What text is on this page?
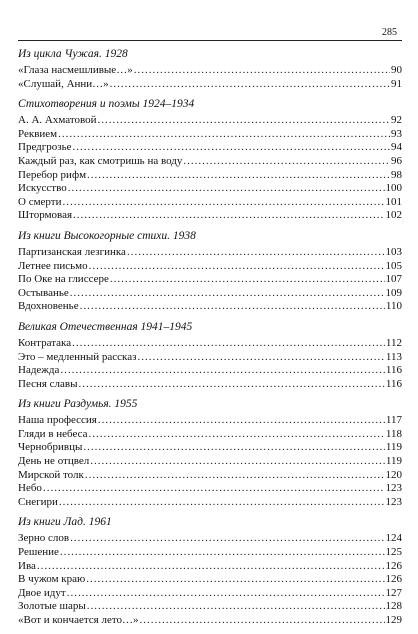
285
Из цикла Чужая. 1928
«Глаза насмешливые…» .....	90
«Слушай, Анни…» .....	91
Стихотворения и поэмы 1924–1934
А. А. Ахматовой .....	92
Реквием .....	93
Предгрозье .....	94
Каждый раз, как смотришь на воду .....	96
Перебор рифм .....	98
Искусство .....	100
О смерти .....	101
Штормовая .....	102
Из книги Высокогорные стихи. 1938
Партизанская лезгинка .....	103
Летнее письмо .....	105
По Оке на глиссере .....	107
Остыванье .....	109
Вдохновенье .....	110
Великая Отечественная 1941–1945
Контратака .....	112
Это – медленный рассказ .....	113
Надежда .....	116
Песня славы .....	116
Из книги Раздумья. 1955
Наша профессия .....	117
Гляди в небеса .....	118
Чернобривцы .....	119
День не отцвел .....	119
Мирской толк .....	120
Небо .....	123
Снегири .....	123
Из книги Лад. 1961
Зерно слов .....	124
Решение .....	125
Ива .....	126
В чужом краю .....	126
Двое идут .....	127
Золотые шары .....	128
«Вот и кончается лето…» .....	129
